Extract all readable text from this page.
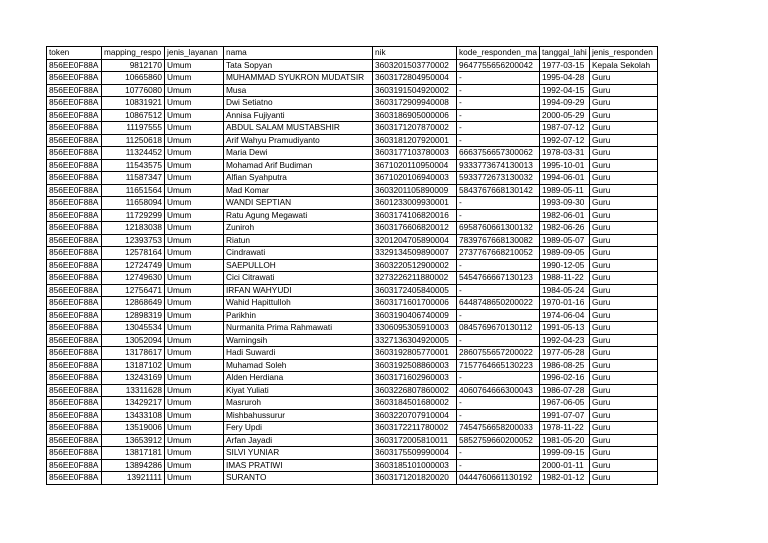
token	mapping_respo	jenis_layanan	nama	nik	kode_responden_ma	tanggal_lahi	jenis_responden
856EE0F88A	9812170	Umum	Tata Sopyan	3603201503770002	9647755656200042	1977-03-15	Kepala Sekolah
856EE0F88A	10665860	Umum	MUHAMMAD SYUKRON MUDATSIR	3603172804950004	-	1995-04-28	Guru
856EE0F88A	10776080	Umum	Musa	3603191504920002	-	1992-04-15	Guru
856EE0F88A	10831921	Umum	Dwi Setiatno	3603172909940008	-	1994-09-29	Guru
856EE0F88A	10867512	Umum	Annisa Fujiyanti	3603186905000006	-	2000-05-29	Guru
856EE0F88A	11197555	Umum	ABDUL SALAM MUSTABSHIR	3603171207870002	-	1987-07-12	Guru
856EE0F88A	11250618	Umum	Arif Wahyu Pramudiyanto	3603181207920001	-	1992-07-12	Guru
856EE0F88A	11324452	Umum	Maria Dewi	3603177103780003	6663756657300062	1978-03-31	Guru
856EE0F88A	11543575	Umum	Mohamad Arif Budiman	3671020110950004	9333773674130013	1995-10-01	Guru
856EE0F88A	11587347	Umum	Alfian Syahputra	3671020106940003	5933772673130032	1994-06-01	Guru
856EE0F88A	11651564	Umum	Mad Komar	3603201105890009	5843767668130142	1989-05-11	Guru
856EE0F88A	11658094	Umum	WANDI SEPTIAN	3601233009930001	-	1993-09-30	Guru
856EE0F88A	11729299	Umum	Ratu Agung Megawati	3603174106820016	-	1982-06-01	Guru
856EE0F88A	12183038	Umum	Zuniroh	3603176606820012	6958760661300132	1982-06-26	Guru
856EE0F88A	12393753	Umum	Riatun	3201204705890004	7839767668130082	1989-05-07	Guru
856EE0F88A	12578164	Umum	Cindrawati	3329134509890007	2737767668210052	1989-09-05	Guru
856EE0F88A	12724749	Umum	SAEPULLOH	3603220512900002	-	1990-12-05	Guru
856EE0F88A	12749630	Umum	Cici Citrawati	3273226211880002	5454766667130123	1988-11-22	Guru
856EE0F88A	12756471	Umum	IRFAN WAHYUDI	3603172405840005	-	1984-05-24	Guru
856EE0F88A	12868649	Umum	Wahid Hapittulloh	3603171601700006	6448748650200022	1970-01-16	Guru
856EE0F88A	12898319	Umum	Parikhin	3603190406740009	-	1974-06-04	Guru
856EE0F88A	13045534	Umum	Nurmanita Prima Rahmawati	3306095305910003	0845769670130112	1991-05-13	Guru
856EE0F88A	13052094	Umum	Warningsih	3327136304920005	-	1992-04-23	Guru
856EE0F88A	13178617	Umum	Hadi Suwardi	3603192805770001	2860755657200022	1977-05-28	Guru
856EE0F88A	13187102	Umum	Muhamad Soleh	3603192508860003	7157764665130223	1986-08-25	Guru
856EE0F88A	13243169	Umum	Alden Herdiana	3603171602960003	-	1996-02-16	Guru
856EE0F88A	13311628	Umum	Kiyat Yuliati	3603226807860002	4060764666300043	1986-07-28	Guru
856EE0F88A	13429217	Umum	Masruroh	3603184501680002	-	1967-06-05	Guru
856EE0F88A	13433108	Umum	Mishbahussurur	3603220707910004	-	1991-07-07	Guru
856EE0F88A	13519006	Umum	Fery Updi	3603172211780002	7454756658200033	1978-11-22	Guru
856EE0F88A	13653912	Umum	Arfan Jayadi	3603172005810011	5852759660200052	1981-05-20	Guru
856EE0F88A	13817181	Umum	SILVI YUNIAR	3603175509990004	-	1999-09-15	Guru
856EE0F88A	13894286	Umum	IMAS PRATIWI	3603185101000003	-	2000-01-11	Guru
856EE0F88A	13921111	Umum	SURANTO	3603171201820020	0444760661130192	1982-01-12	Guru
